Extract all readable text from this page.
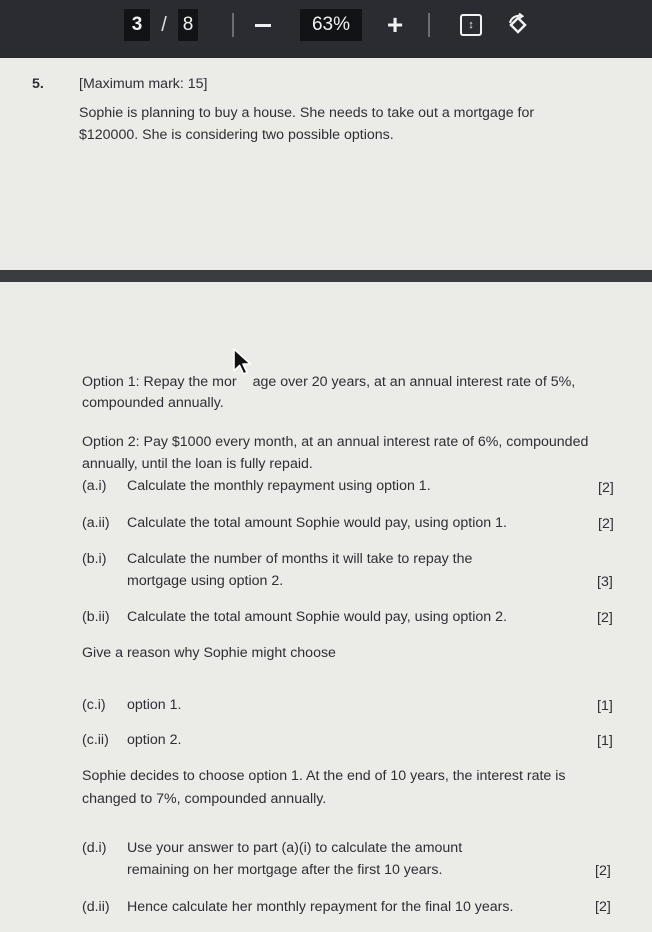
3 / 8	63%	+	↕
5. [Maximum mark: 15]
Sophie is planning to buy a house. She needs to take out a mortgage for
$120000. She is considering two possible options.
Option 1: Repay the mor age over 20 years, at an annual interest rate of 5%,
compounded annually.
Option 2: Pay $1000 every month, at an annual interest rate of 6%, compounded
annually, until the loan is fully repaid.
(a.i) Calculate the monthly repayment using option 1.	[2]
(a.ii) Calculate the total amount Sophie would pay, using option 1.	[2]
(b.i) Calculate the number of months it will take to repay the
mortgage using option 2.	[3]
(b.ii) Calculate the total amount Sophie would pay, using option 2.	[2]
Give a reason why Sophie might choose
(c.i) option 1.	[1]
(c.ii) option 2.	[1]
Sophie decides to choose option 1. At the end of 10 years, the interest rate is
changed to 7%, compounded annually.
(d.i) Use your answer to part (a)(i) to calculate the amount
remaining on her mortgage after the first 10 years.	[2]
(d.ii) Hence calculate her monthly repayment for the final 10 years.	[2]
